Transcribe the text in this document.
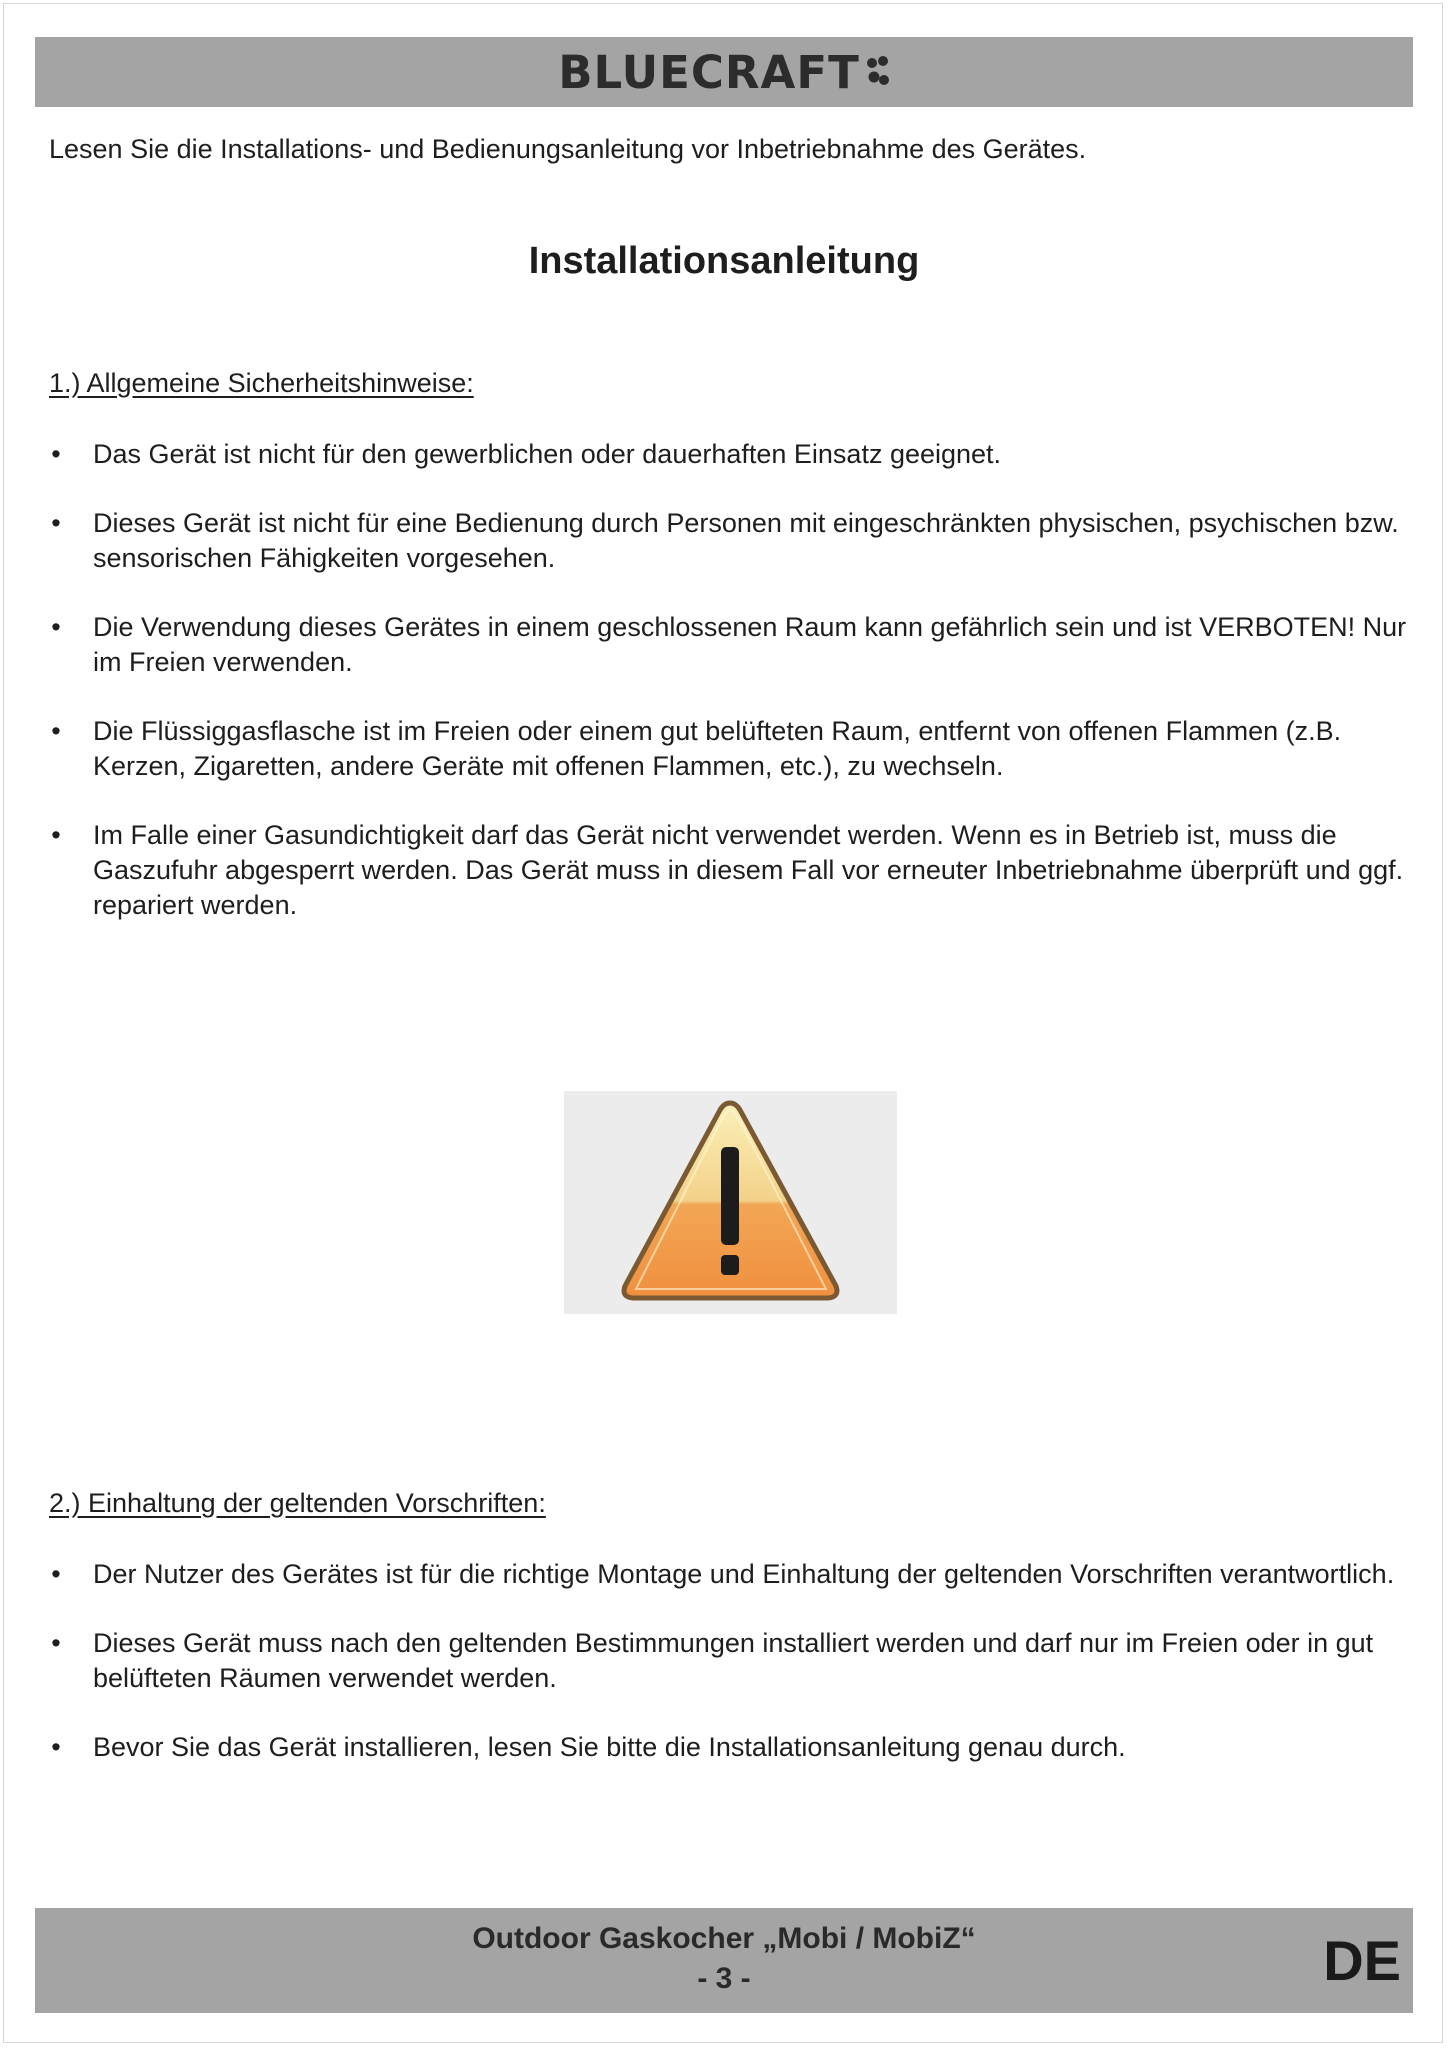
BLUECRAFT
Lesen Sie die Installations- und Bedienungsanleitung vor Inbetriebnahme des Gerätes.
Installationsanleitung
1.) Allgemeine Sicherheitshinweise:
• Das Gerät ist nicht für den gewerblichen oder dauerhaften Einsatz geeignet.
• Dieses Gerät ist nicht für eine Bedienung durch Personen mit eingeschränkten physischen, psychischen bzw. sensorischen Fähigkeiten vorgesehen.
• Die Verwendung dieses Gerätes in einem geschlossenen Raum kann gefährlich sein und ist VERBOTEN! Nur im Freien verwenden.
• Die Flüssiggasflasche ist im Freien oder einem gut belüfteten Raum, entfernt von offenen Flammen (z.B. Kerzen, Zigaretten, andere Geräte mit offenen Flammen, etc.), zu wechseln.
• Im Falle einer Gasundichtigkeit darf das Gerät nicht verwendet werden. Wenn es in Betrieb ist, muss die Gaszufuhr abgesperrt werden. Das Gerät muss in diesem Fall vor erneuter Inbetriebnahme überprüft und ggf. repariert werden.
2.) Einhaltung der geltenden Vorschriften:
• Der Nutzer des Gerätes ist für die richtige Montage und Einhaltung der geltenden Vorschriften verantwortlich.
• Dieses Gerät muss nach den geltenden Bestimmungen installiert werden und darf nur im Freien oder in gut belüfteten Räumen verwendet werden.
• Bevor Sie das Gerät installieren, lesen Sie bitte die Installationsanleitung genau durch.
Outdoor Gaskocher „Mobi / MobiZ“
- 3 -	DE
